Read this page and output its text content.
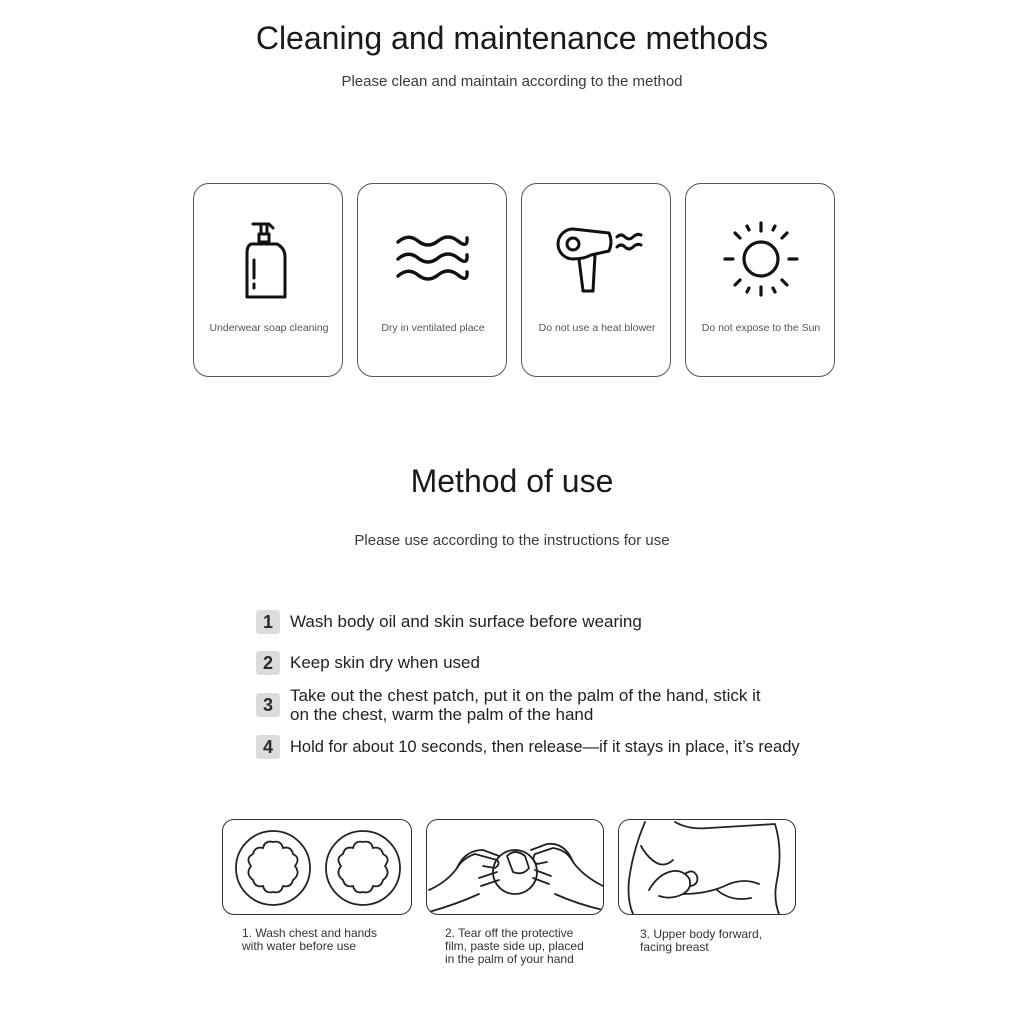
Cleaning and maintenance methods
Please clean and maintain according to the method
Underwear soap cleaning	Dry in ventilated place	Do not use a heat blower	Do not expose to the Sun
Method of use
Please use according to the instructions for use
1	Wash body oil and skin surface before wearing
2	Keep skin dry when used
3	Take out the chest patch, put it on the palm of the hand, stick it
on the chest, warm the palm of the hand
4	Hold for about 10 seconds, then release—if it stays in place, it’s ready
1. Wash chest and hands
with water before use
2. Tear off the protective
film, paste side up, placed
in the palm of your hand
3. Upper body forward,
facing breast
